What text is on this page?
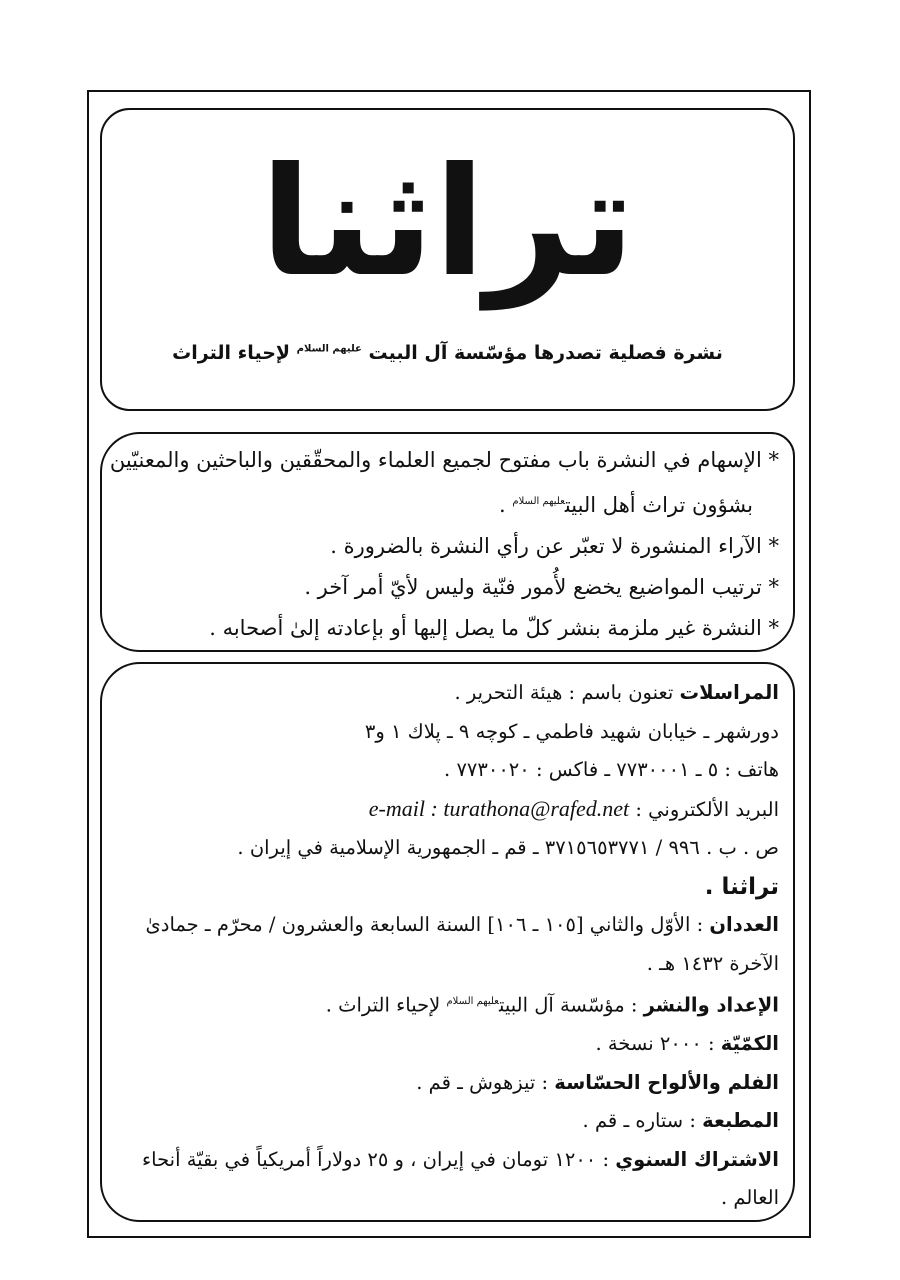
تراثنا
نشرة فصلية تصدرها مؤسّسة آل البيت $^{عليهم السلام}$ لإحياء التراث
* الإسهام في النشرة باب مفتوح لجميع العلماء والمحقّقين والباحثين والمعنيّين
بشؤون تراث أهل البيت$^{عليهم السلام}$ .
* الآراء المنشورة لا تعبّر عن رأي النشرة بالضرورة .
* ترتيب المواضيع يخضع لأُمور فنّية وليس لأيّ أمر آخر .
* النشرة غير ملزمة بنشر كلّ ما يصل إليها أو بإعادته إلىٰ أصحابه .
المراسلات تعنون باسم : هيئة التحرير .
دورشهر ـ خيابان شهيد فاطمي ـ كوچه ٩ ـ پلاك ١ و٣
هاتف : ٥ ـ ٧٧٣٠٠٠١ ـ فاكس : ٧٧٣٠٠٢٠ .
البريد الألكتروني : e-mail : turathona@rafed.net
ص . ب . ٩٩٦ / ٣٧١٥٦٥٣٧٧١ ـ قم ـ الجمهورية الإسلامية في إيران .
تراثنا .
العددان : الأوّل والثاني [١٠٥ ـ ١٠٦] السنة السابعة والعشرون / محرّم ـ جمادىٰ الآخرة ١٤٣٢ هـ .
الإعداد والنشر : مؤسّسة آل البيت$^{عليهم السلام}$ لإحياء التراث .
الكمّيّة : ٢٠٠٠ نسخة .
الفلم والألواح الحسّاسة : تيزهوش ـ قم .
المطبعة : ستاره ـ قم .
الاشتراك السنوي : ١٢٠٠ تومان في إيران ، و ٢٥ دولاراً أمريكياً في بقيّة أنحاء العالم .
